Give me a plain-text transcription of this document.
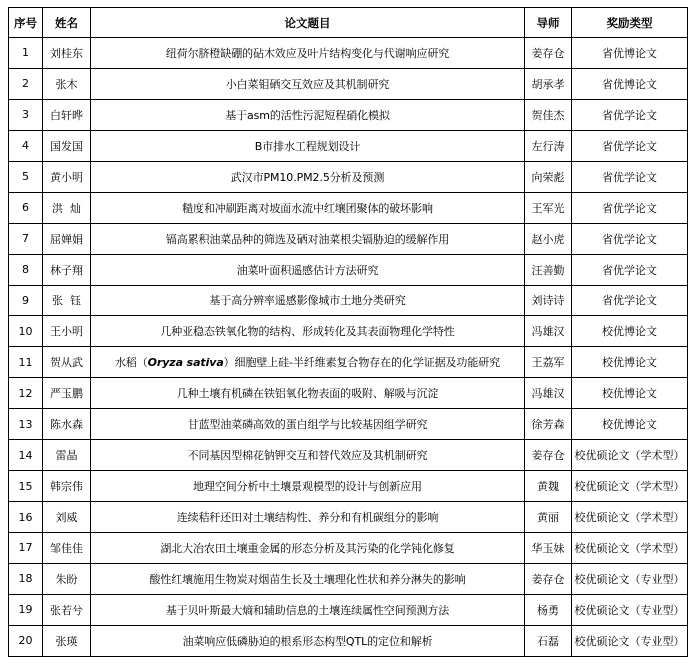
序号	姓名	论文题目	导师	奖励类型
1	刘桂东	纽荷尔脐橙缺硼的砧木效应及叶片结构变化与代谢响应研究	姜存仓	省优博论文
2	张木	小白菜钼硒交互效应及其机制研究	胡承孝	省优博论文
3	白轩晔	基于asm的活性污泥短程硝化模拟	贺佳杰	省优学论文
4	国发国	B市排水工程规划设计	左行涛	省优学论文
5	黄小明	武汉市PM10.PM2.5分析及预测	向荣彪	省优学论文
6	洪  灿	糙度和冲刷距离对坡面水流中红壤团聚体的破坏影响	王军光	省优学论文
7	屈婵娟	镉高累积油菜品种的筛选及硒对油菜根尖镉胁迫的缓解作用	赵小虎	省优学论文
8	林子翔	油菜叶面积遥感估计方法研究	汪善勤	省优学论文
9	张  钰	基于高分辨率遥感影像城市土地分类研究	刘诗诗	省优学论文
10	王小明	几种亚稳态铁氧化物的结构、形成转化及其表面物理化学特性	冯雄汉	校优博论文
11	贺从武	水稻（Oryza sativa）细胞壁上硅-半纤维素复合物存在的化学证据及功能研究	王荔军	校优博论文
12	严玉鹏	几种土壤有机磷在铁铝氧化物表面的吸附、解吸与沉淀	冯雄汉	校优博论文
13	陈水森	甘蓝型油菜磷高效的蛋白组学与比较基因组学研究	徐芳森	校优博论文
14	雷晶	不同基因型棉花钠钾交互和替代效应及其机制研究	姜存仓	校优硕论文（学术型）
15	韩宗伟	地理空间分析中土壤景观模型的设计与创新应用	黄魏	校优硕论文（学术型）
16	刘威	连续秸秆还田对土壤结构性、养分和有机碳组分的影响	黄丽	校优硕论文（学术型）
17	邹佳佳	湖北大冶农田土壤重金属的形态分析及其污染的化学钝化修复	华玉妹	校优硕论文（学术型）
18	朱盼	酸性红壤施用生物炭对烟苗生长及土壤理化性状和养分淋失的影响	姜存仓	校优硕论文（专业型）
19	张若兮	基于贝叶斯最大熵和辅助信息的土壤连续属性空间预测方法	杨勇	校优硕论文（专业型）
20	张瑛	油菜响应低磷胁迫的根系形态构型QTL的定位和解析	石磊	校优硕论文（专业型）
